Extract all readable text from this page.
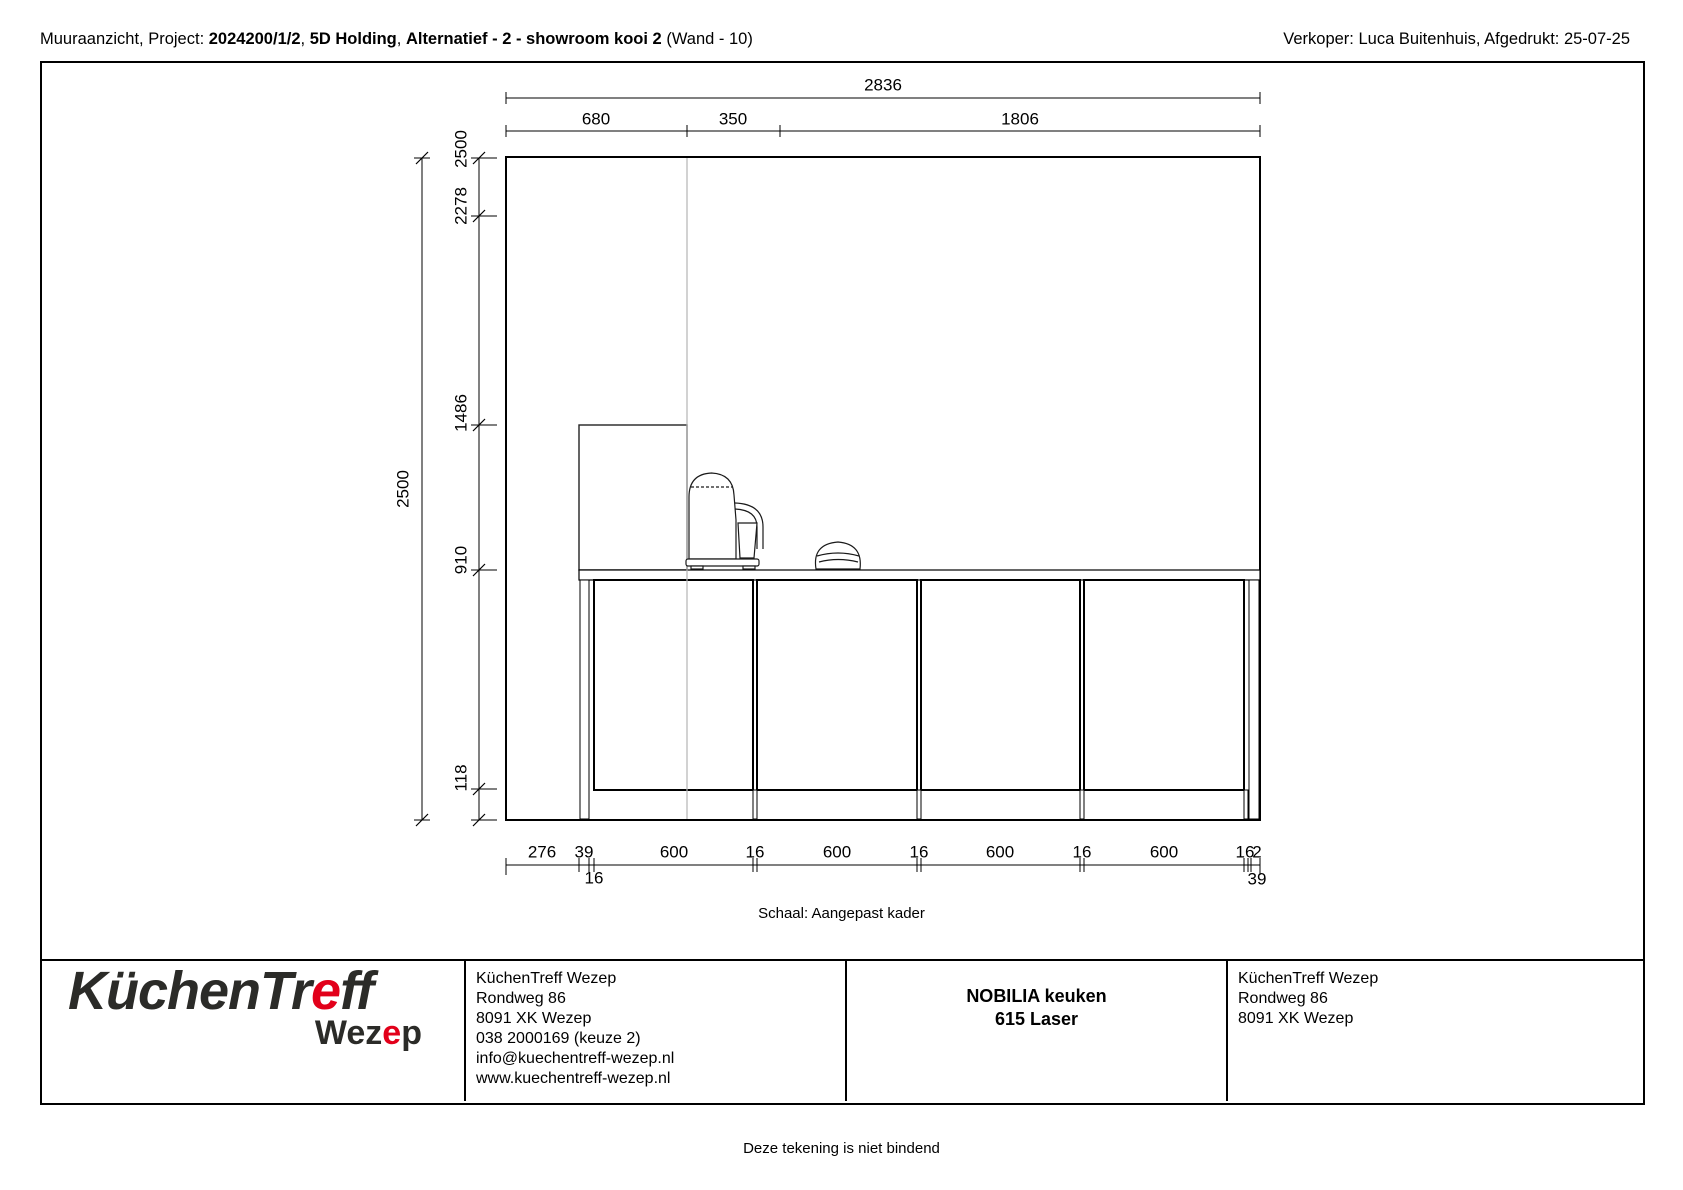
Muuraanzicht, Project: 2024200/1/2, 5D Holding, Alternatief - 2 - showroom kooi 2 (Wand - 10)	Verkoper: Luca Buitenhuis, Afgedrukt: 25-07-25
2836
680	350	1806
2500
2500
2278
1486
910
118
276 39	600	16	600	16	600	16	600	16
2
16	39
Schaal: Aangepast kader
KüchenTreff
Wezep
KüchenTreff Wezep
Rondweg 86
8091 XK Wezep
038 2000169 (keuze 2)
info@kuechentreff-wezep.nl
www.kuechentreff-wezep.nl
NOBILIA keuken
615 Laser
KüchenTreff Wezep
Rondweg 86
8091 XK Wezep
Deze tekening is niet bindend
